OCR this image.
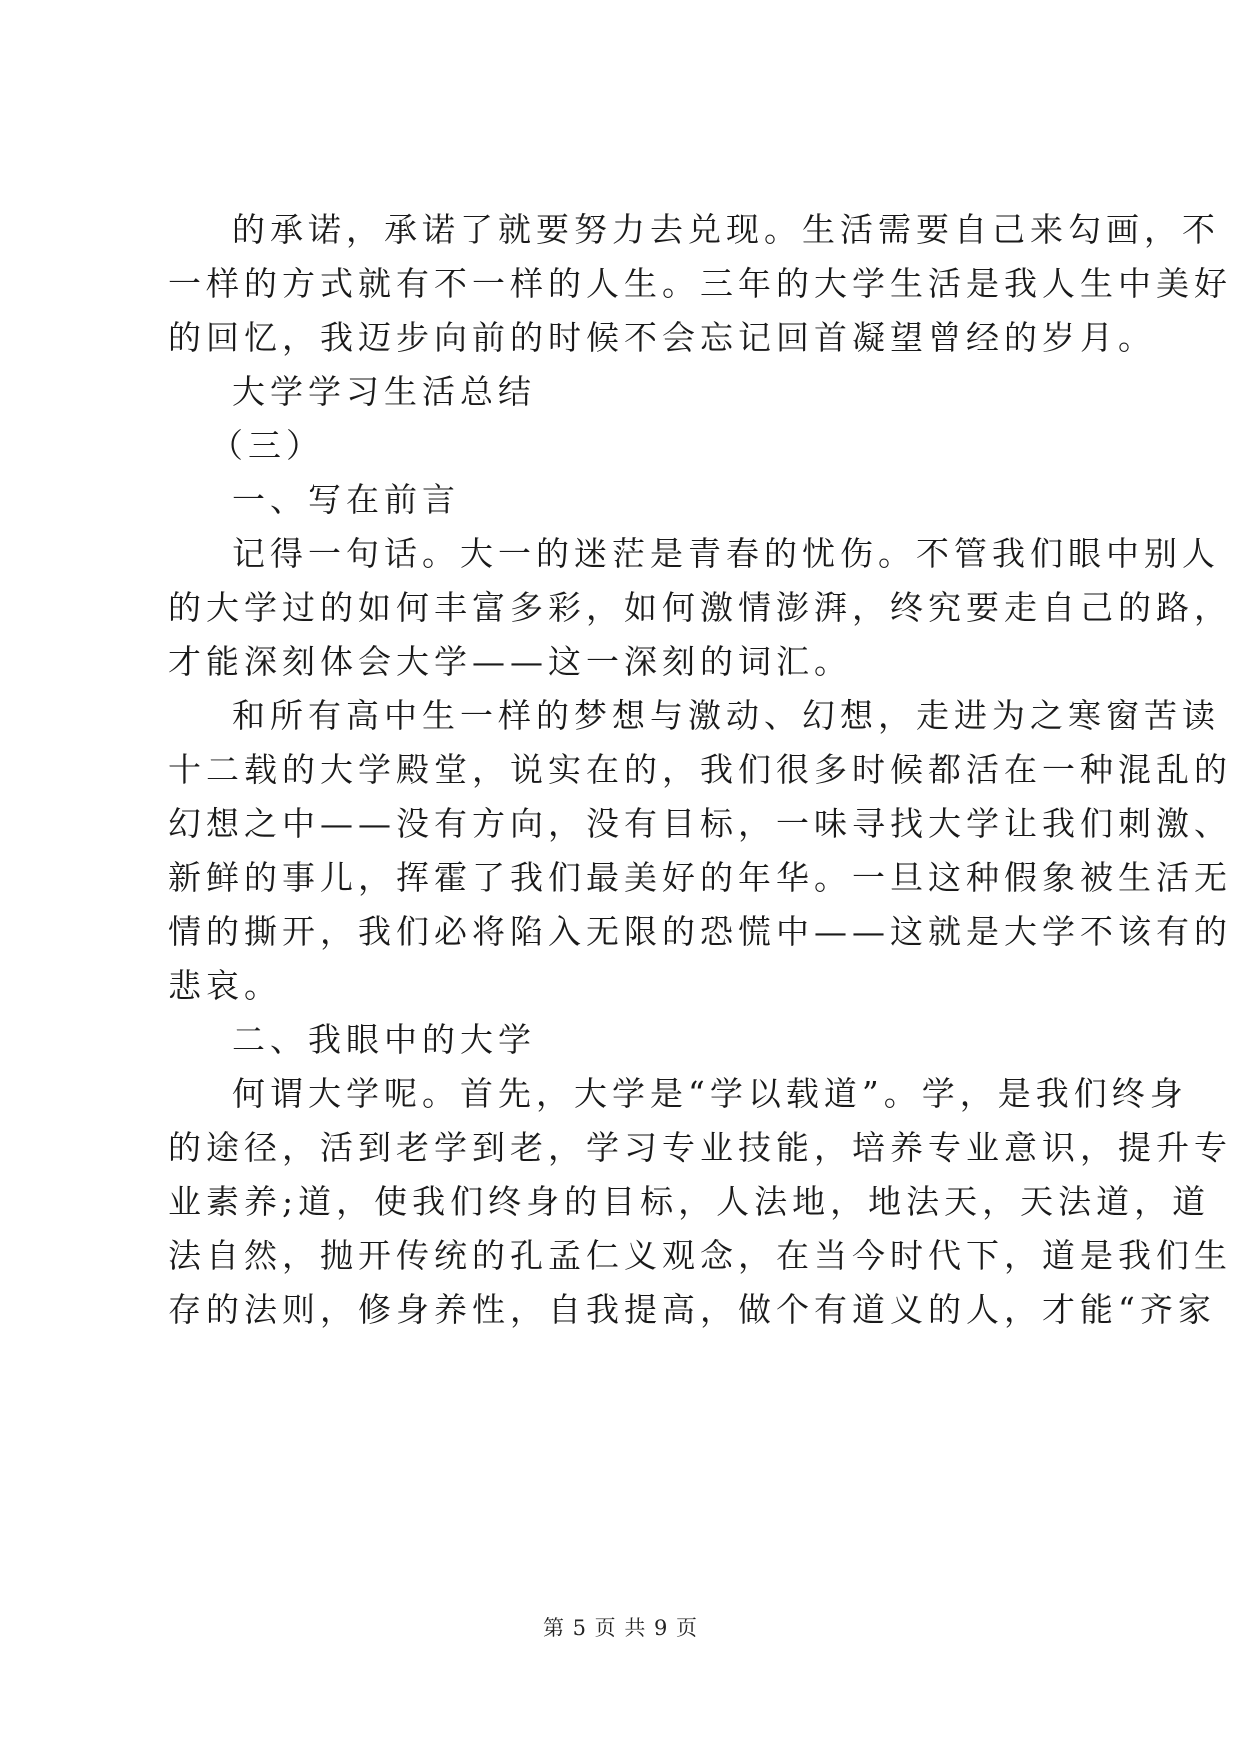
的承诺，承诺了就要努力去兑现。生活需要自己来勾画，不
一样的方式就有不一样的人生。三年的大学生活是我人生中美好
的回忆，我迈步向前的时候不会忘记回首凝望曾经的岁月。
大学学习生活总结
（三）
一、写在前言
记得一句话。大一的迷茫是青春的忧伤。不管我们眼中别人
的大学过的如何丰富多彩，如何激情澎湃，终究要走自己的路，
才能深刻体会大学——这一深刻的词汇。
和所有高中生一样的梦想与激动、幻想，走进为之寒窗苦读
十二载的大学殿堂，说实在的，我们很多时候都活在一种混乱的
幻想之中——没有方向，没有目标，一味寻找大学让我们刺激、
新鲜的事儿，挥霍了我们最美好的年华。一旦这种假象被生活无
情的撕开，我们必将陷入无限的恐慌中——这就是大学不该有的
悲哀。
二、我眼中的大学
何谓大学呢。首先，大学是“学以载道”。学，是我们终身
的途径，活到老学到老，学习专业技能，培养专业意识，提升专
业素养;道，使我们终身的目标，人法地，地法天，天法道，道
法自然，抛开传统的孔孟仁义观念，在当今时代下，道是我们生
存的法则，修身养性，自我提高，做个有道义的人，才能“齐家
第 5 页 共 9 页
